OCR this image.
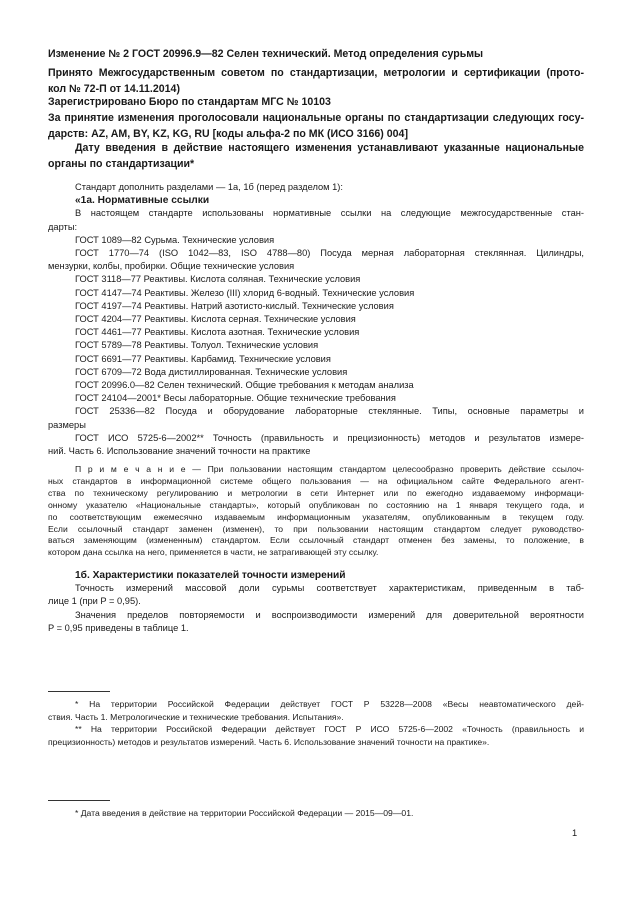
Изменение № 2 ГОСТ 20996.9—82 Селен технический. Метод определения сурьмы
Принято Межгосударственным советом по стандартизации, метрологии и сертификации (прото-
кол № 72-П от 14.11.2014)
Зарегистрировано Бюро по стандартам МГС № 10103
За принятие изменения проголосовали национальные органы по стандартизации следующих госу-
дарств: AZ, AM, BY, KZ, KG, RU [коды альфа-2 по МК (ИСО 3166) 004]
Дату введения в действие настоящего изменения устанавливают указанные национальные
органы по стандартизации*
Стандарт дополнить разделами — 1а, 1б (перед разделом 1):
«1а. Нормативные ссылки
В настоящем стандарте использованы нормативные ссылки на следующие межгосударственные стан-
дарты:
ГОСТ 1089—82 Сурьма. Технические условия
ГОСТ 1770—74 (ISO 1042—83, ISO 4788—80) Посуда мерная лабораторная стеклянная. Цилиндры,
мензурки, колбы, пробирки. Общие технические условия
ГОСТ 3118—77 Реактивы. Кислота соляная. Технические условия
ГОСТ 4147—74 Реактивы. Железо (III) хлорид 6-водный. Технические условия
ГОСТ 4197—74 Реактивы. Натрий азотисто-кислый. Технические условия
ГОСТ 4204—77 Реактивы. Кислота серная. Технические условия
ГОСТ 4461—77 Реактивы. Кислота азотная. Технические условия
ГОСТ 5789—78 Реактивы. Толуол. Технические условия
ГОСТ 6691—77 Реактивы. Карбамид. Технические условия
ГОСТ 6709—72 Вода дистиллированная. Технические условия
ГОСТ 20996.0—82 Селен технический. Общие требования к методам анализа
ГОСТ 24104—2001* Весы лабораторные. Общие технические требования
ГОСТ 25336—82 Посуда и оборудование лабораторные стеклянные. Типы, основные параметры и
размеры
ГОСТ ИСО 5725-6—2002** Точность (правильность и прецизионность) методов и результатов измере-
ний. Часть 6. Использование значений точности на практике
П р и м е ч а н и е — При пользовании настоящим стандартом целесообразно проверить действие ссылоч-
ных стандартов в информационной системе общего пользования — на официальном сайте Федерального агент-
ства по техническому регулированию и метрологии в сети Интернет или по ежегодно издаваемому информаци-
онному указателю «Национальные стандарты», который опубликован по состоянию на 1 января текущего года, и
по соответствующим ежемесячно издаваемым информационным указателям, опубликованным в текущем году.
Если ссылочный стандарт заменен (изменен), то при пользовании настоящим стандартом следует руководство-
ваться заменяющим (измененным) стандартом. Если ссылочный стандарт отменен без замены, то положение, в
котором дана ссылка на него, применяется в части, не затрагивающей эту ссылку.
1б. Характеристики показателей точности измерений
Точность измерений массовой доли сурьмы соответствует характеристикам, приведенным в таб-
лице 1 (при P = 0,95).
Значения пределов повторяемости и воспроизводимости измерений для доверительной вероятности
P = 0,95 приведены в таблице 1.
* На территории Российской Федерации действует ГОСТ Р 53228—2008 «Весы неавтоматического дей-
ствия. Часть 1. Метрологические и технические требования. Испытания».
** На территории Российской Федерации действует ГОСТ Р ИСО 5725-6—2002 «Точность (правильность и
прецизионность) методов и результатов измерений. Часть 6. Использование значений точности на практике».
* Дата введения в действие на территории Российской Федерации — 2015—09—01.
1
